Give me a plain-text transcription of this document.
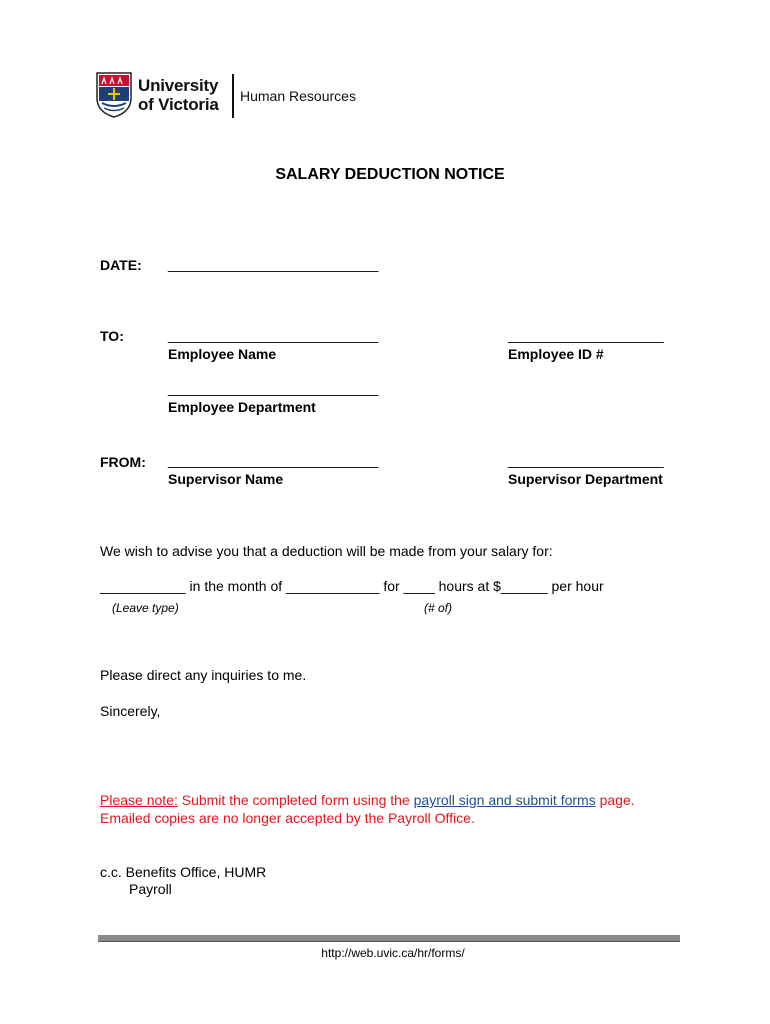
University
of Victoria Human Resources
SALARY DEDUCTION NOTICE
DATE: ___________________________
TO:	___________________________
Employee Name
____________________
Employee ID #
___________________________
Employee Department
FROM: ___________________________
Supervisor Name
____________________
Supervisor Department
We wish to advise you that a deduction will be made from your salary for:
___________ in the month of ____________ for ____ hours at $______ per hour
(Leave type)	(# of)
Please direct any inquiries to me.
Sincerely,
Please note: Submit the completed form using the payroll sign and submit forms page.
Emailed copies are no longer accepted by the Payroll Office.
c.c. Benefits Office, HUMR
Payroll
http://web.uvic.ca/hr/forms/
